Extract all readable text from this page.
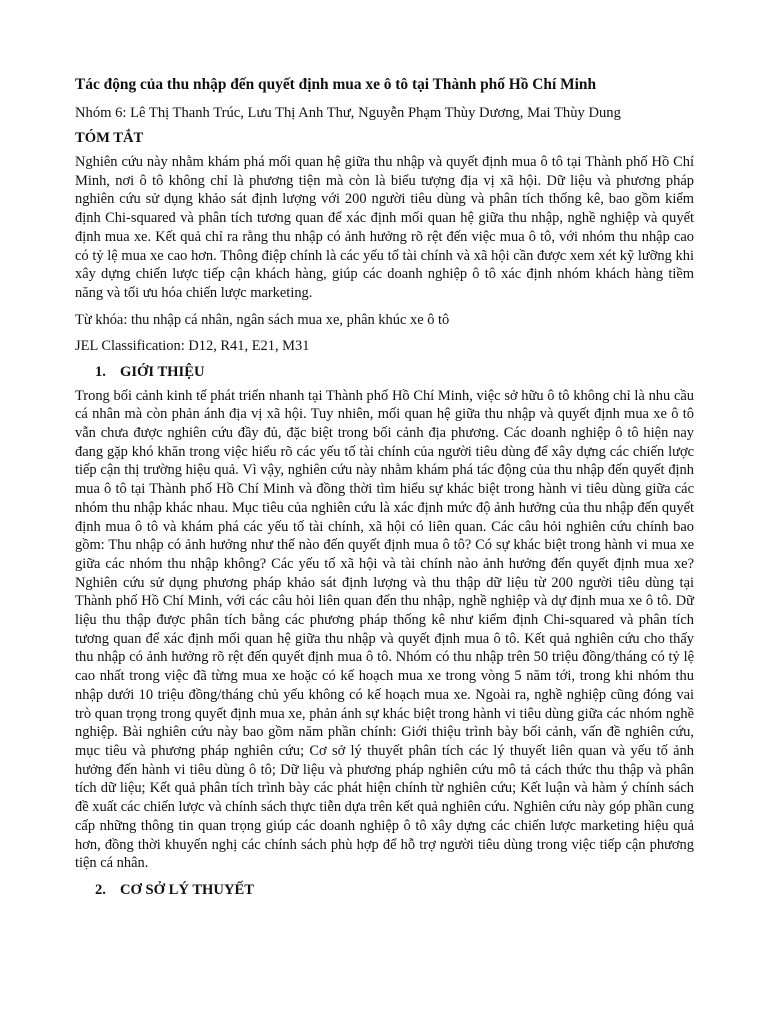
Tác động của thu nhập đến quyết định mua xe ô tô tại Thành phố Hồ Chí Minh
Nhóm 6: Lê Thị Thanh Trúc, Lưu Thị Anh Thư, Nguyễn Phạm Thùy Dương, Mai Thùy Dung
TÓM TẮT
Nghiên cứu này nhằm khám phá mối quan hệ giữa thu nhập và quyết định mua ô tô tại Thành phố Hồ Chí Minh, nơi ô tô không chỉ là phương tiện mà còn là biểu tượng địa vị xã hội. Dữ liệu và phương pháp nghiên cứu sử dụng khảo sát định lượng với 200 người tiêu dùng và phân tích thống kê, bao gồm kiểm định Chi-squared và phân tích tương quan để xác định mối quan hệ giữa thu nhập, nghề nghiệp và quyết định mua xe. Kết quả chỉ ra rằng thu nhập có ảnh hưởng rõ rệt đến việc mua ô tô, với nhóm thu nhập cao có tỷ lệ mua xe cao hơn. Thông điệp chính là các yếu tố tài chính và xã hội cần được xem xét kỹ lưỡng khi xây dựng chiến lược tiếp cận khách hàng, giúp các doanh nghiệp ô tô xác định nhóm khách hàng tiềm năng và tối ưu hóa chiến lược marketing.
Từ khóa: thu nhập cá nhân, ngân sách mua xe, phân khúc xe ô tô
JEL Classification: D12, R41, E21, M31
1. GIỚI THIỆU
Trong bối cảnh kinh tế phát triển nhanh tại Thành phố Hồ Chí Minh, việc sở hữu ô tô không chỉ là nhu cầu cá nhân mà còn phản ánh địa vị xã hội. Tuy nhiên, mối quan hệ giữa thu nhập và quyết định mua xe ô tô vẫn chưa được nghiên cứu đầy đủ, đặc biệt trong bối cảnh địa phương. Các doanh nghiệp ô tô hiện nay đang gặp khó khăn trong việc hiểu rõ các yếu tố tài chính của người tiêu dùng để xây dựng các chiến lược tiếp cận thị trường hiệu quả. Vì vậy, nghiên cứu này nhằm khám phá tác động của thu nhập đến quyết định mua ô tô tại Thành phố Hồ Chí Minh và đồng thời tìm hiểu sự khác biệt trong hành vi tiêu dùng giữa các nhóm thu nhập khác nhau. Mục tiêu của nghiên cứu là xác định mức độ ảnh hưởng của thu nhập đến quyết định mua ô tô và khám phá các yếu tố tài chính, xã hội có liên quan. Các câu hỏi nghiên cứu chính bao gồm: Thu nhập có ảnh hưởng như thế nào đến quyết định mua ô tô? Có sự khác biệt trong hành vi mua xe giữa các nhóm thu nhập không? Các yếu tố xã hội và tài chính nào ảnh hưởng đến quyết định mua xe? Nghiên cứu sử dụng phương pháp khảo sát định lượng và thu thập dữ liệu từ 200 người tiêu dùng tại Thành phố Hồ Chí Minh, với các câu hỏi liên quan đến thu nhập, nghề nghiệp và dự định mua xe ô tô. Dữ liệu thu thập được phân tích bằng các phương pháp thống kê như kiểm định Chi-squared và phân tích tương quan để xác định mối quan hệ giữa thu nhập và quyết định mua ô tô. Kết quả nghiên cứu cho thấy thu nhập có ảnh hưởng rõ rệt đến quyết định mua ô tô. Nhóm có thu nhập trên 50 triệu đồng/tháng có tỷ lệ cao nhất trong việc đã từng mua xe hoặc có kế hoạch mua xe trong vòng 5 năm tới, trong khi nhóm thu nhập dưới 10 triệu đồng/tháng chủ yếu không có kế hoạch mua xe. Ngoài ra, nghề nghiệp cũng đóng vai trò quan trọng trong quyết định mua xe, phản ánh sự khác biệt trong hành vi tiêu dùng giữa các nhóm nghề nghiệp. Bài nghiên cứu này bao gồm năm phần chính: Giới thiệu trình bày bối cảnh, vấn đề nghiên cứu, mục tiêu và phương pháp nghiên cứu; Cơ sở lý thuyết phân tích các lý thuyết liên quan và yếu tố ảnh hưởng đến hành vi tiêu dùng ô tô; Dữ liệu và phương pháp nghiên cứu mô tả cách thức thu thập và phân tích dữ liệu; Kết quả phân tích trình bày các phát hiện chính từ nghiên cứu; Kết luận và hàm ý chính sách đề xuất các chiến lược và chính sách thực tiễn dựa trên kết quả nghiên cứu. Nghiên cứu này góp phần cung cấp những thông tin quan trọng giúp các doanh nghiệp ô tô xây dựng các chiến lược marketing hiệu quả hơn, đồng thời khuyến nghị các chính sách phù hợp để hỗ trợ người tiêu dùng trong việc tiếp cận phương tiện cá nhân.
2. CƠ SỞ LÝ THUYẾT
